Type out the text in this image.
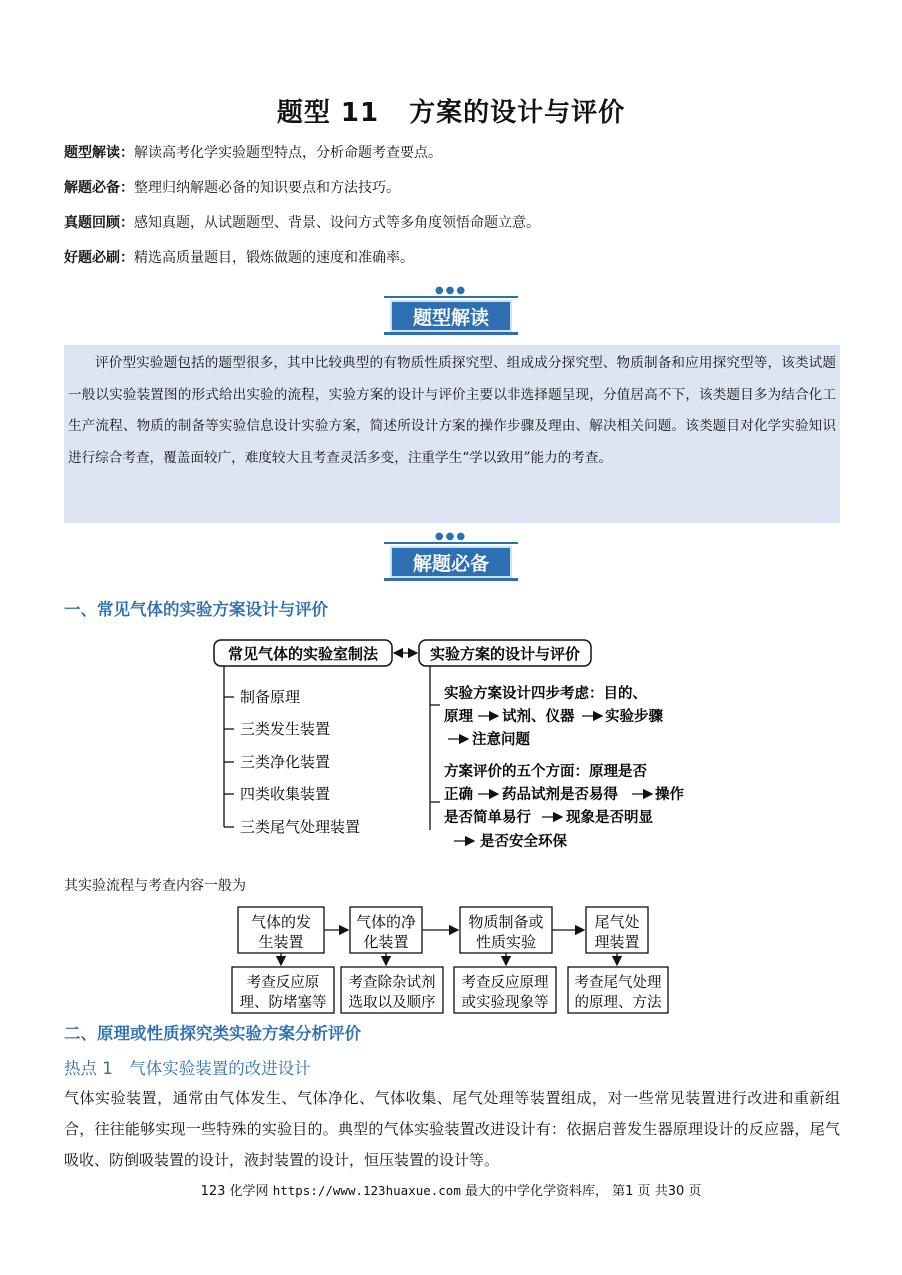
题型 11 方案的设计与评价
题型解读：解读高考化学实验题型特点，分析命题考查要点。
解题必备：整理归纳解题必备的知识要点和方法技巧。
真题回顾：感知真题，从试题题型、背景、设问方式等多角度领悟命题立意。
好题必刷：精选高质量题目，锻炼做题的速度和准确率。
●●●
题型解读

评价型实验题包括的题型很多，其中比较典型的有物质性质探究型、组成成分探究型、物质制备和应用探究型等，该类试题一般以实验装置图的形式给出实验的流程，实验方案的设计与评价主要以非选择题呈现，分值居高不下，该类题目多为结合化工生产流程、物质的制备等实验信息设计实验方案，简述所设计方案的操作步骤及理由、解决相关问题。该类题目对化学实验知识进行综合考查，覆盖面较广，难度较大且考查灵活多变，注重学生“学以致用”能力的考查。

●●●
解题必备
一、常见气体的实验方案设计与评价
常见气体的实验室制法	实验方案的设计与评价
制备原理
三类发生装置
三类净化装置
四类收集装置
三类尾气处理装置
实验方案设计四步考虑：目的、
原理 试剂、仪器 实验步骤
注意问题
方案评价的五个方面：原理是否
正确 药品试剂是否易得	操作
是否简单易行 现象是否明显
是否安全环保
其实验流程与考查内容一般为
气体的发
生装置
气体的净
化装置
物质制备或
性质实验
尾气处
理装置
考查反应原
理、防堵塞等
考查除杂试剂
选取以及顺序
考查反应原理
或实验现象等
考查尾气处理
的原理、方法
二、原理或性质探究类实验方案分析评价
热点 1　气体实验装置的改进设计
气体实验装置，通常由气体发生、气体净化、气体收集、尾气处理等装置组成，对一些常见装置进行改进和重新组合，往往能够实现一些特殊的实验目的。典型的气体实验装置改进设计有：依据启普发生器原理设计的反应器，尾气吸收、防倒吸装置的设计，液封装置的设计，恒压装置的设计等。
123 化学网 https://www.123huaxue.com 最大的中学化学资料库， 第1 页 共30 页
